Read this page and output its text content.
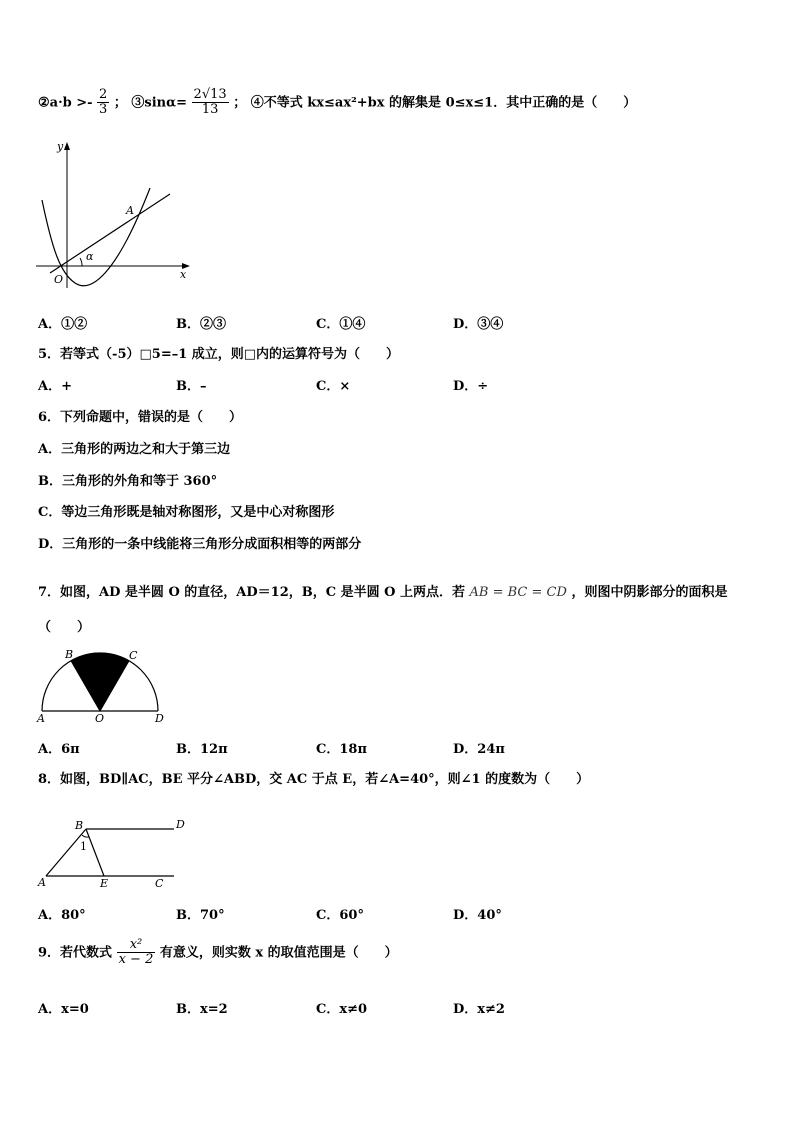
②a·b >- $\frac{2}{3}$ ； ③sinα= $\frac{2√13}{13}$ ； ④不等式 kx≤ax²+bx 的解集是 0≤x≤1．其中正确的是（　　）
y
x
O
A
α
A．①②	B．②③	C．①④	D．③④
5．若等式（-5）□5=–1 成立，则□内的运算符号为（　　）
A．+	B．–	C．×	D．÷
6．下列命题中，错误的是（　　）
A．三角形的两边之和大于第三边
B．三角形的外角和等于 360°
C．等边三角形既是轴对称图形，又是中心对称图形
D．三角形的一条中线能将三角形分成面积相等的两部分
7．如图，AD 是半圆 O 的直径，AD＝12，B，C 是半圆 O 上两点．若 AB = BC = CD ，则图中阴影部分的面积是
（　　）
B	C
A	O	D
A．6π	B．12π	C．18π	D．24π
8．如图，BD∥AC，BE 平分∠ABD，交 AC 于点 E，若∠A=40°，则∠1 的度数为（　　）
B	D
1
A	E	C
A．80°	B．70°	C．60°	D．40°
9．若代数式 $\frac{\text{x²}}{x - 2}$ 有意义，则实数 x 的取值范围是（　　）
A．x=0	B．x=2	C．x≠0	D．x≠2
